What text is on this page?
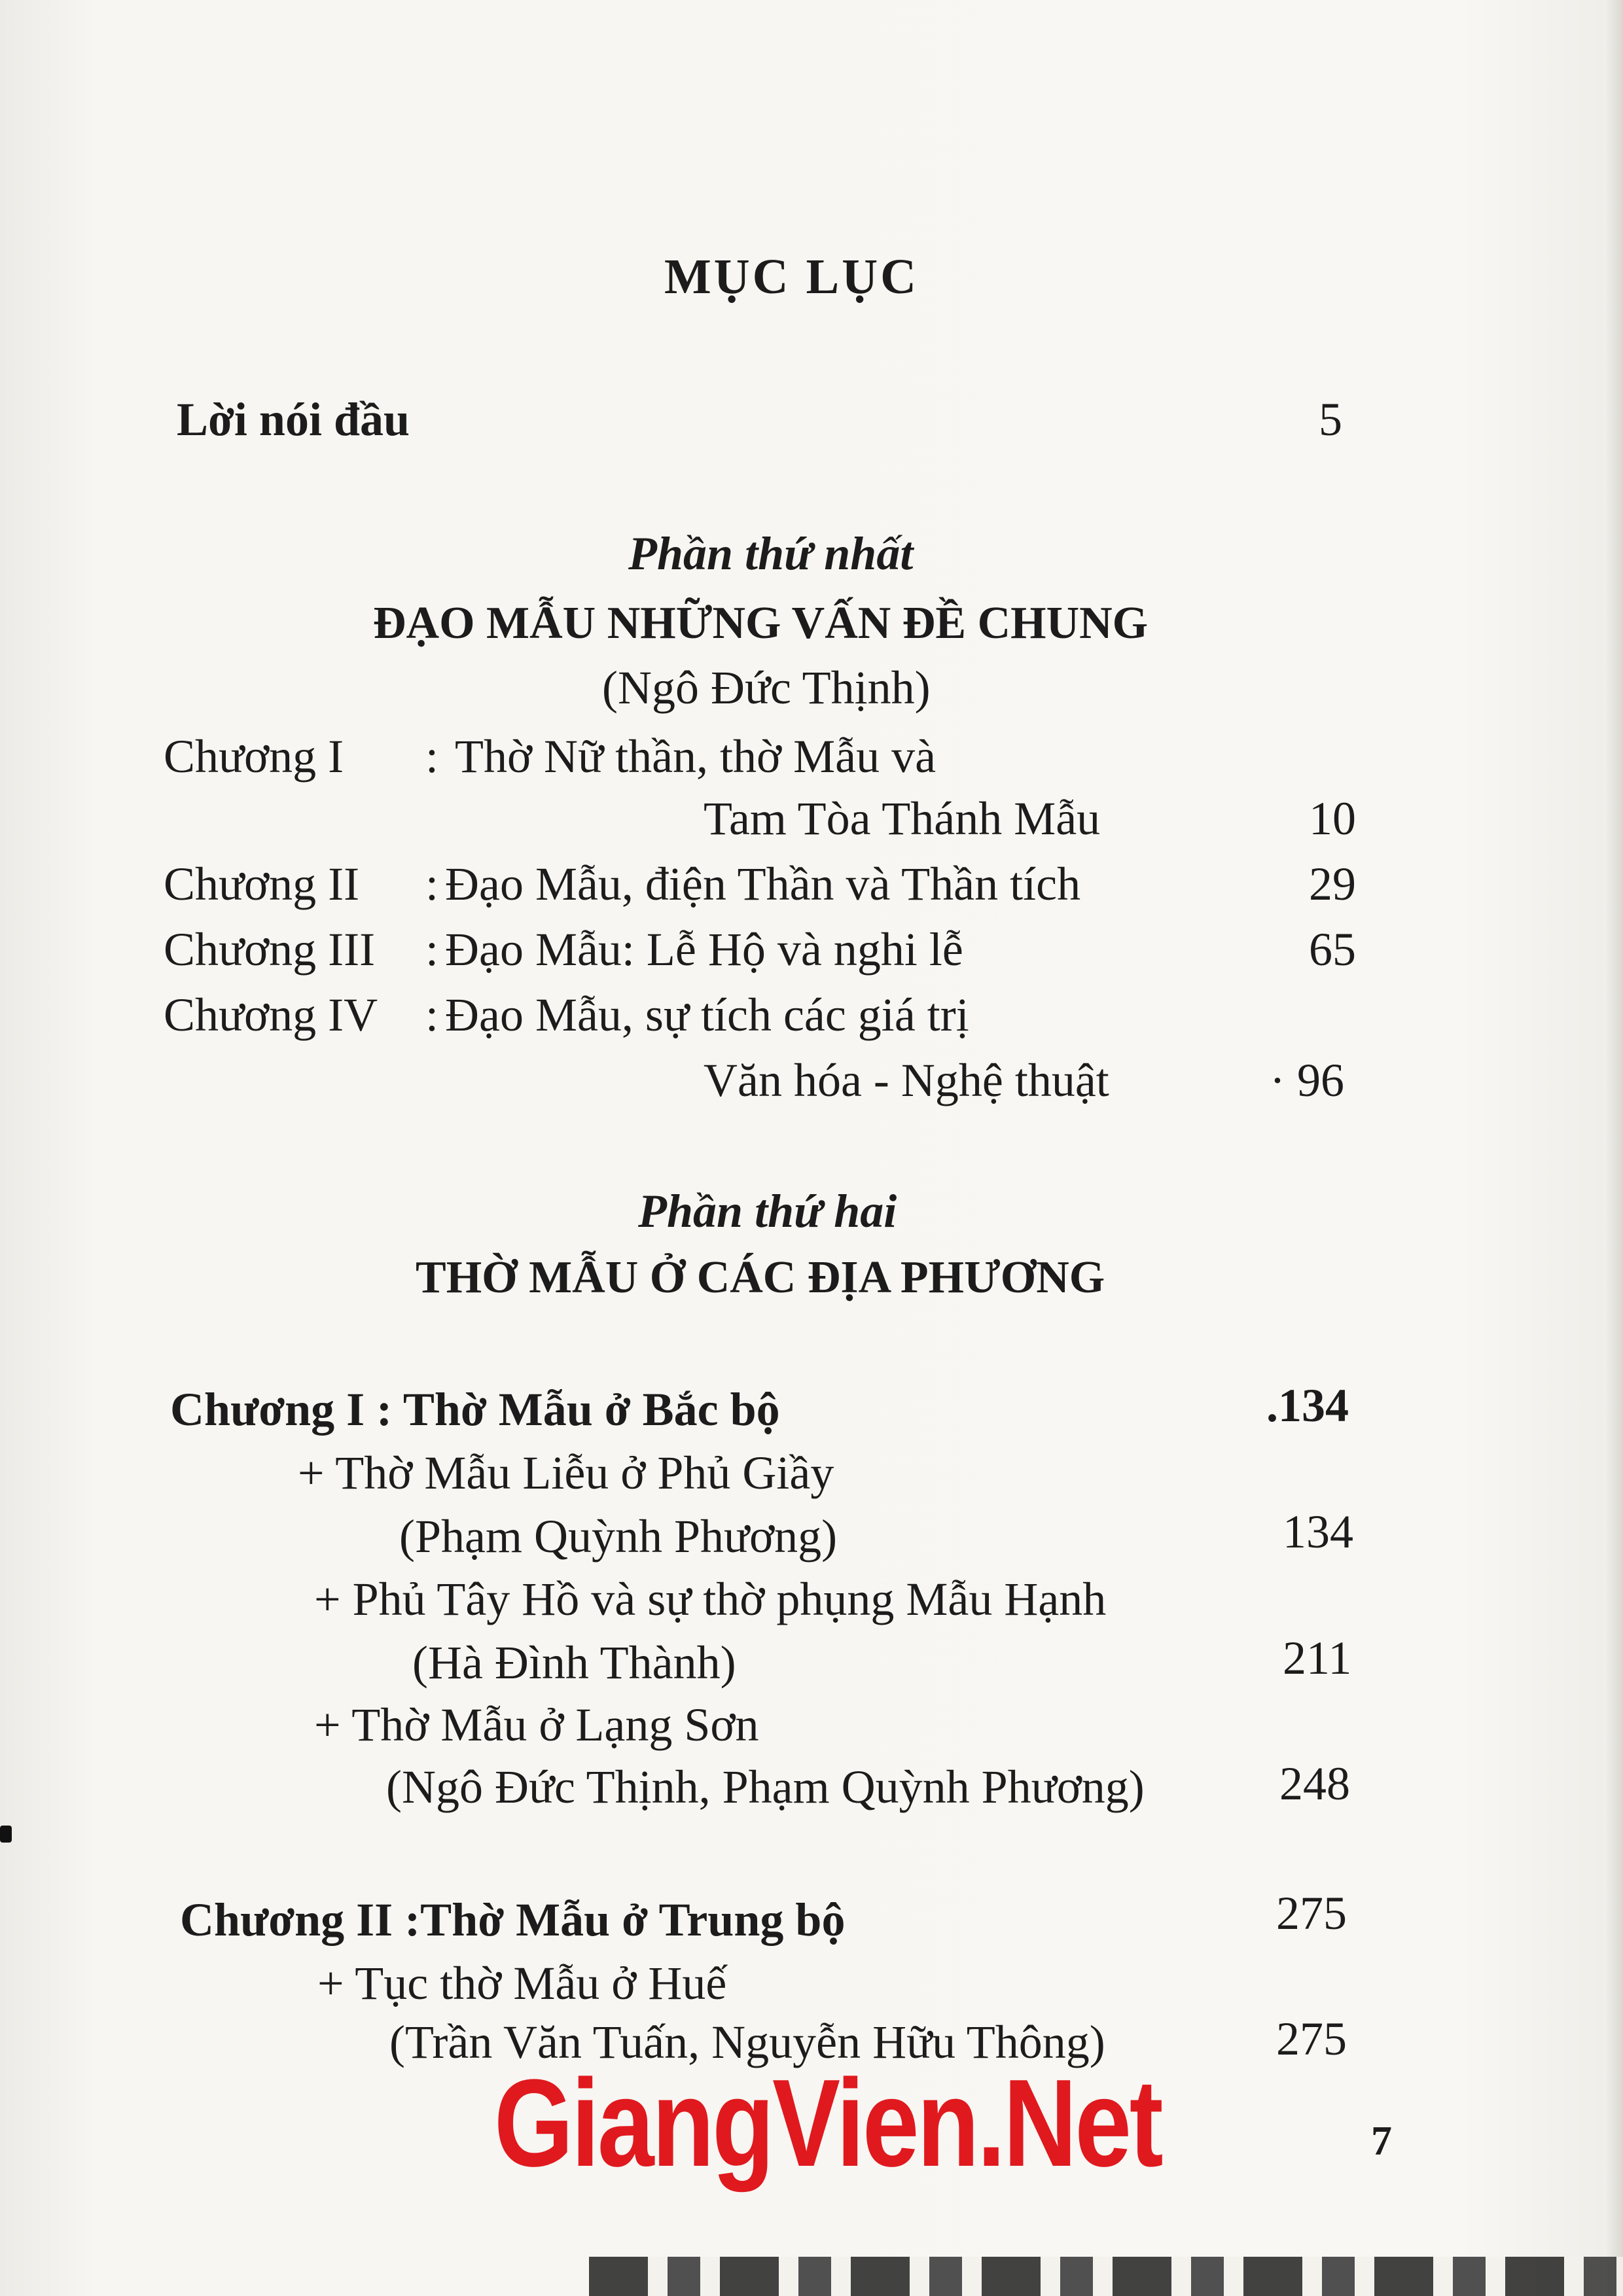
MỤC LỤC
Lời nói đầu	5
Phần thứ nhất
ĐẠO MẪU NHỮNG VẤN ĐỀ CHUNG
(Ngô Đức Thịnh)
Chương I : Thờ Nữ thần, thờ Mẫu và
Tam Tòa Thánh Mẫu	10
Chương II : Đạo Mẫu, điện Thần và Thần tích	29
Chương III : Đạo Mẫu: Lễ Hộ và nghi lễ	65
Chương IV : Đạo Mẫu, sự tích các giá trị
Văn hóa - Nghệ thuật	· 96
Phần thứ hai
THỜ MẪU Ở CÁC ĐỊA PHƯƠNG
Chương I : Thờ Mẫu ở Bắc bộ	.134
+ Thờ Mẫu Liễu ở Phủ Giầy
(Phạm Quỳnh Phương)	134
+ Phủ Tây Hồ và sự thờ phụng Mẫu Hạnh
(Hà Đình Thành)	211
+ Thờ Mẫu ở Lạng Sơn
(Ngô Đức Thịnh, Phạm Quỳnh Phương)	248
Chương II :Thờ Mẫu ở Trung bộ	275
+ Tục thờ Mẫu ở Huế
(Trần Văn Tuấn, Nguyễn Hữu Thông)	275
7
GiangVien.Net
